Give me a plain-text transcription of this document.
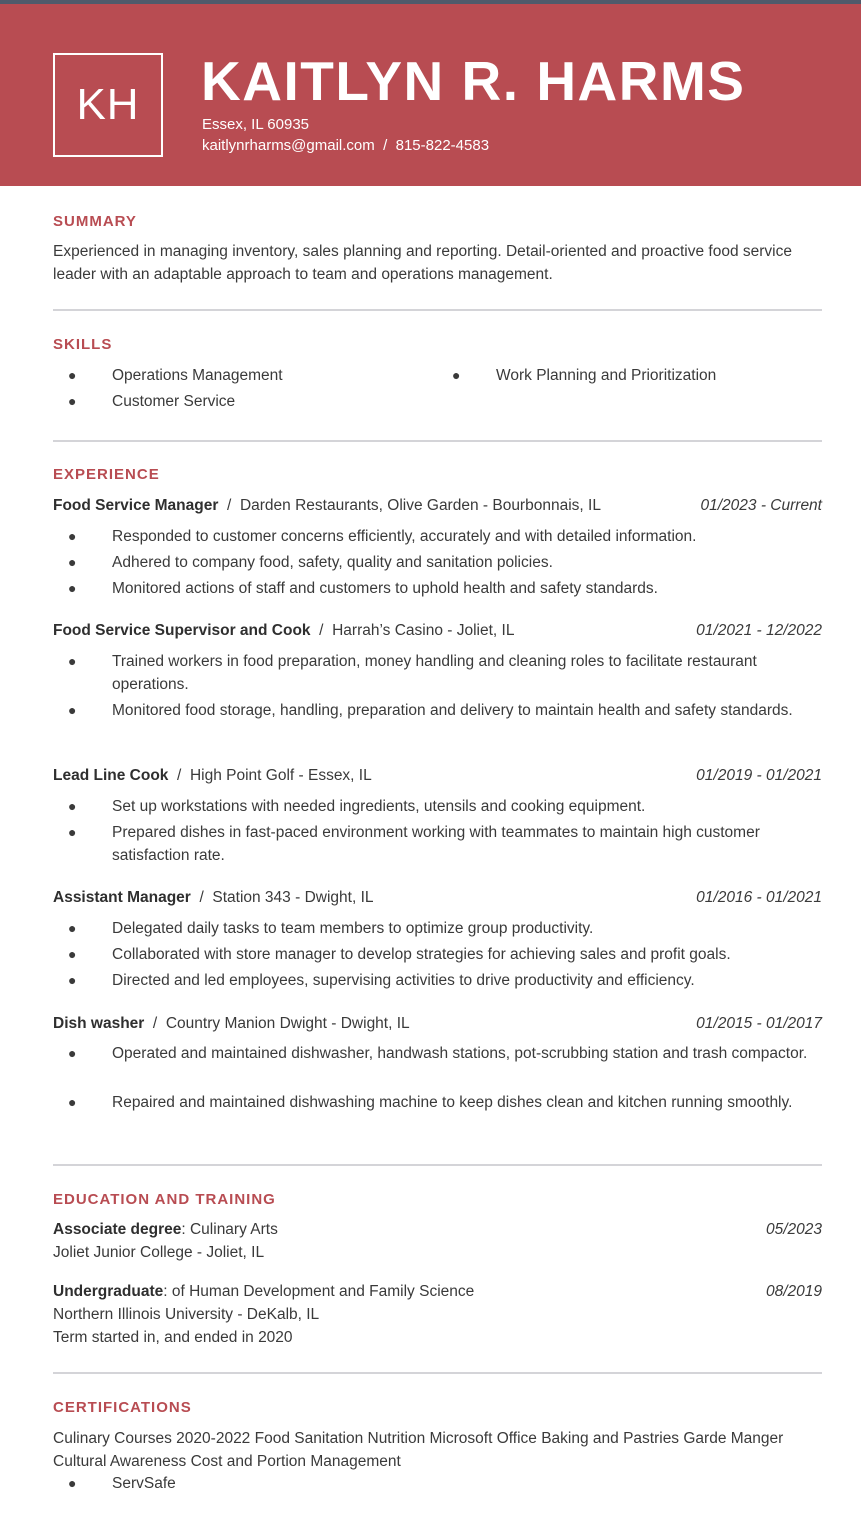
KH KAITLYN R. HARMS
Essex, IL 60935
kaitlynrharms@gmail.com / 815-822-4583
SUMMARY
Experienced in managing inventory, sales planning and reporting. Detail-oriented and proactive food service leader with an adaptable approach to team and operations management.
SKILLS
● Operations Management	● Work Planning and Prioritization
● Customer Service
EXPERIENCE
Food Service Manager  /  Darden Restaurants, Olive Garden - Bourbonnais, IL	01/2023 - Current
● Responded to customer concerns efficiently, accurately and with detailed information.
● Adhered to company food, safety, quality and sanitation policies.
● Monitored actions of staff and customers to uphold health and safety standards.
Food Service Supervisor and Cook  /  Harrah’s Casino - Joliet, IL	01/2021 - 12/2022
● Trained workers in food preparation, money handling and cleaning roles to facilitate restaurant operations.
● Monitored food storage, handling, preparation and delivery to maintain health and safety standards.
Lead Line Cook  /  High Point Golf - Essex, IL	01/2019 - 01/2021
● Set up workstations with needed ingredients, utensils and cooking equipment.
● Prepared dishes in fast-paced environment working with teammates to maintain high customer satisfaction rate.
Assistant Manager  /  Station 343 - Dwight, IL	01/2016 - 01/2021
● Delegated daily tasks to team members to optimize group productivity.
● Collaborated with store manager to develop strategies for achieving sales and profit goals.
● Directed and led employees, supervising activities to drive productivity and efficiency.
Dish washer  /  Country Manion Dwight - Dwight, IL	01/2015 - 01/2017
● Operated and maintained dishwasher, handwash stations, pot-scrubbing station and trash compactor.
● Repaired and maintained dishwashing machine to keep dishes clean and kitchen running smoothly.
EDUCATION AND TRAINING
Associate degree: Culinary Arts	05/2023
Joliet Junior College - Joliet, IL
Undergraduate: of Human Development and Family Science	08/2019
Northern Illinois University - DeKalb, IL
Term started in, and ended in 2020
CERTIFICATIONS
Culinary Courses 2020-2022 Food Sanitation Nutrition Microsoft Office Baking and Pastries Garde Manger Cultural Awareness Cost and Portion Management
● ServSafe
